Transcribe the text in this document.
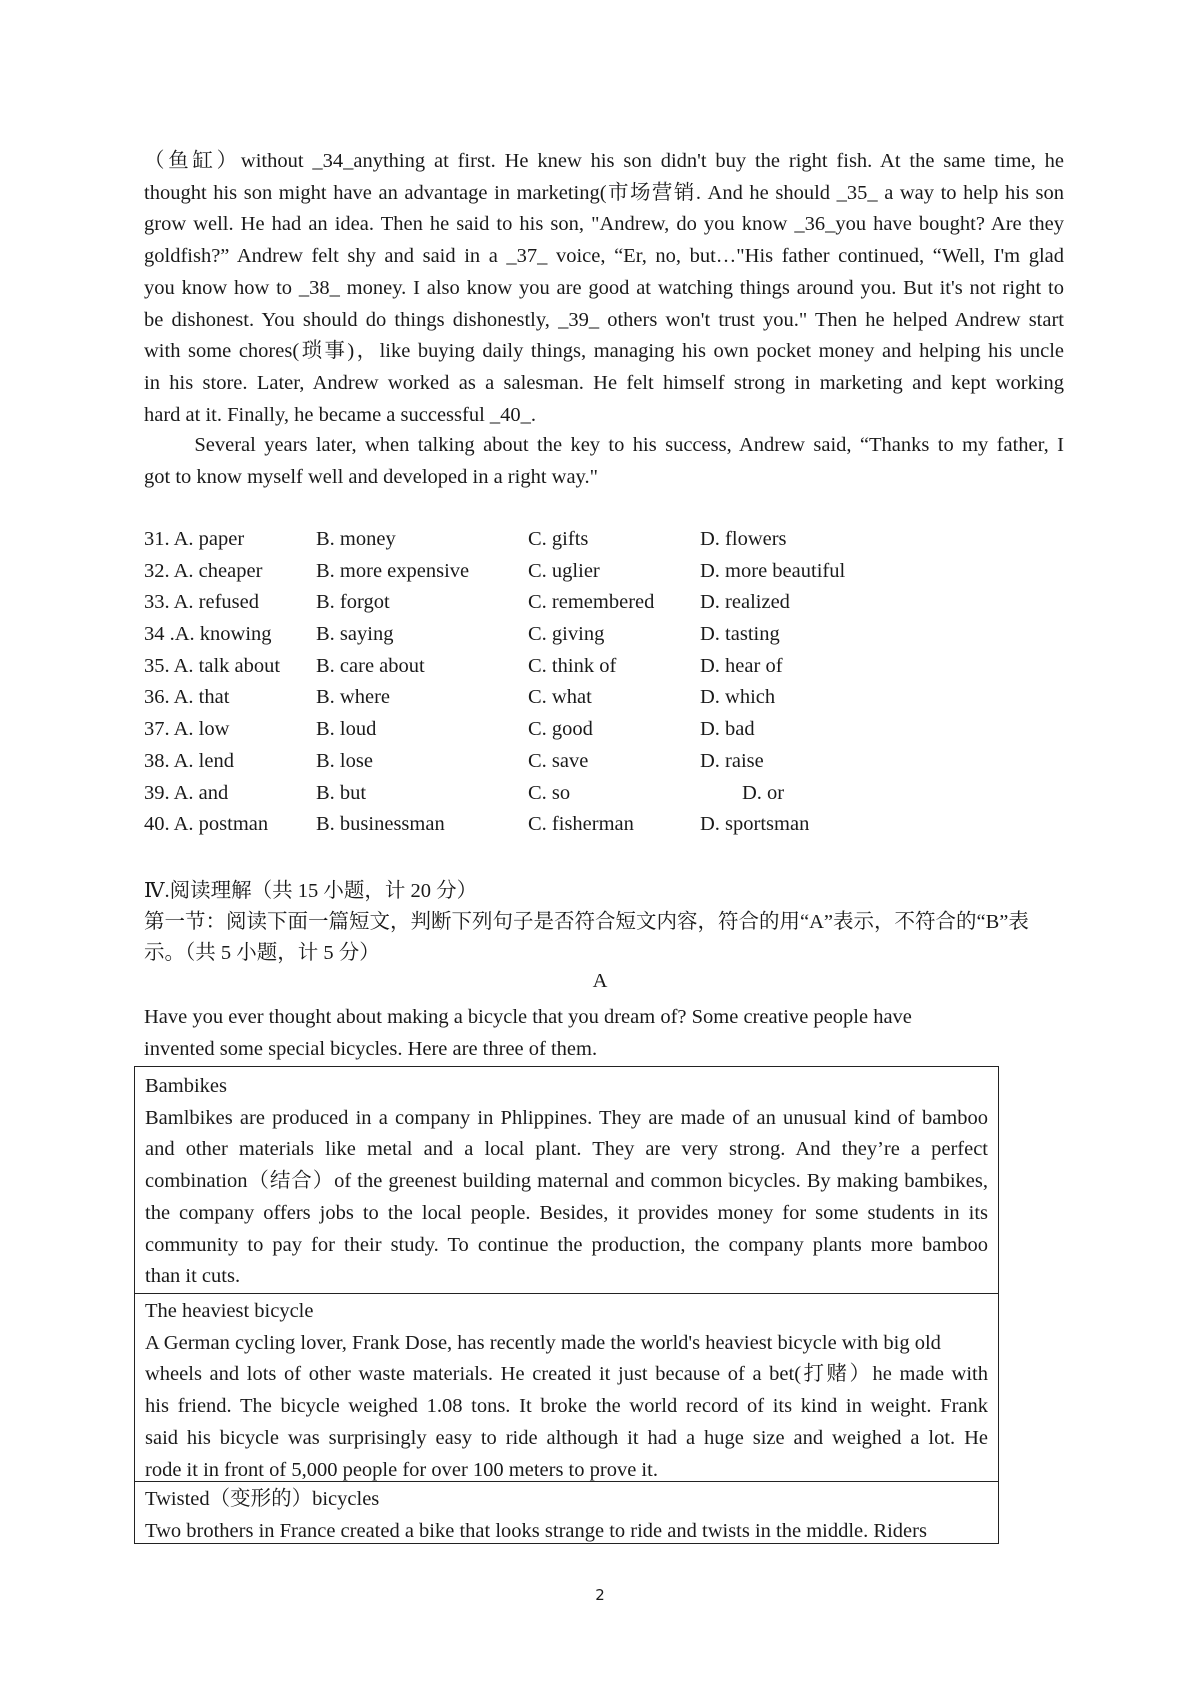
（鱼缸）without _34_anything at first. He knew his son didn't buy the right fish. At the same time, he
thought his son might have an advantage in marketing(市场营销. And he should _35_ a way to help his son
grow well. He had an idea. Then he said to his son, "Andrew, do you know _36_you have bought? Are they
goldfish?” Andrew felt shy and said in a _37_ voice, “Er, no, but…"His father continued, “Well, I'm glad
you know how to _38_ money. I also know you are good at watching things around you. But it's not right to
be dishonest. You should do things dishonestly, _39_ others won't trust you." Then he helped Andrew start
with some chores(琐事)，like buying daily things, managing his own pocket money and helping his uncle
in his store. Later, Andrew worked as a salesman. He felt himself strong in marketing and kept working
hard at it. Finally, he became a successful _40_.
Several years later, when talking about the key to his success, Andrew said, “Thanks to my father, I
got to know myself well and developed in a right way."
31. A. paper	B. money	C. gifts	D. flowers
32. A. cheaper	B. more expensive	C. uglier	D. more beautiful
33. A. refused	B. forgot	C. remembered D. realized
34 .A. knowing B. saying	C. giving	D. tasting
35. A. talk about B. care about	C. think of	D. hear of
36. A. that	B. where	C. what	D. which
37. A. low	B. loud	C. good	D. bad
38. A. lend	B. lose	C. save	D. raise
39. A. and	B. but	C. so	D. or
40. A. postman B. businessman	C. fisherman	D. sportsman
Ⅳ.阅读理解（共 15 小题，计 20 分）
第一节：阅读下面一篇短文，判断下列句子是否符合短文内容，符合的用“A”表示，不符合的“B”表
示。（共 5 小题，计 5 分）
A
Have you ever thought about making a bicycle that you dream of? Some creative people have
invented some special bicycles. Here are three of them.
Bambikes
Bamlbikes are produced in a company in Phlippines. They are made of an unusual kind of bamboo
and other materials like metal and a local plant. They are very strong. And they’re a perfect
combination（结合）of the greenest building maternal and common bicycles. By making bambikes,
the company offers jobs to the local people. Besides, it provides money for some students in its
community to pay for their study. To continue the production, the company plants more bamboo
than it cuts.
The heaviest bicycle
A German cycling lover, Frank Dose, has recently made the world's heaviest bicycle with big old
wheels and lots of other waste materials. He created it just because of a bet(打赌）he made with
his friend. The bicycle weighed 1.08 tons. It broke the world record of its kind in weight. Frank
said his bicycle was surprisingly easy to ride although it had a huge size and weighed a lot. He
rode it in front of 5,000 people for over 100 meters to prove it.
Twisted（变形的）bicycles
Two brothers in France created a bike that looks strange to ride and twists in the middle. Riders
2
